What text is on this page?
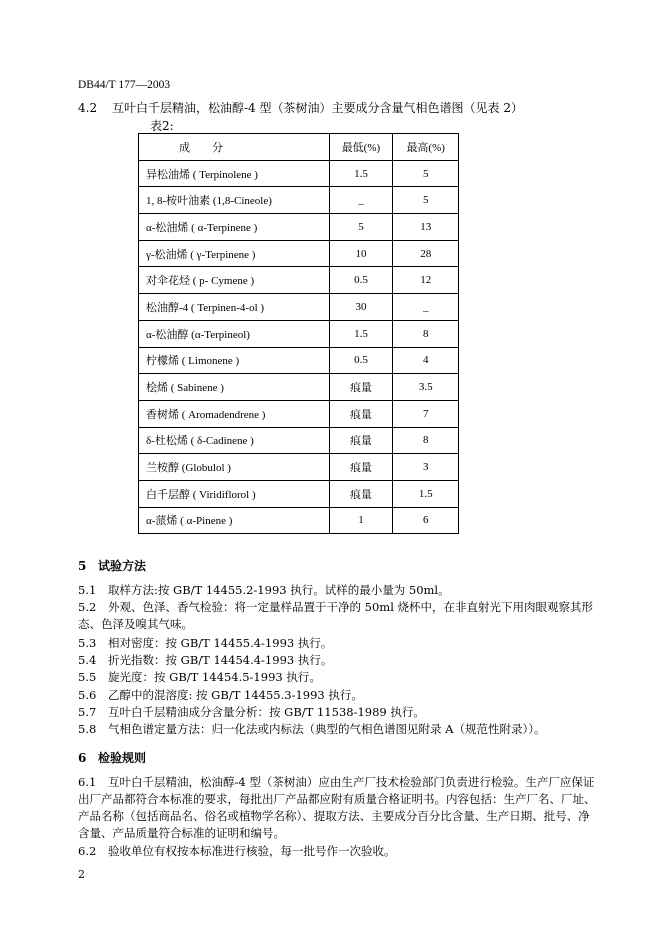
DB44/T 177—2003
4.2 互叶白千层精油，松油醇-4 型（茶树油）主要成分含量气相色谱图（见表 2）
表2:
成　　分	最低(%)	最高(%)
异松油烯 ( Terpinolene )	1.5	5
1, 8-桉叶油素 (1,8-Cineole)	_	5
α-松油烯 ( α-Terpinene )	5	13
γ-松油烯 ( γ-Terpinene )	10	28
对伞花烃 ( p- Cymene )	0.5	12
松油醇-4 ( Terpinen-4-ol )	30	_
α-松油醇 (α-Terpineol)	1.5	8
柠檬烯 ( Limonene )	0.5	4
桧烯 ( Sabinene )	痕量	3.5
香树烯 ( Aromadendrene )	痕量	7
δ-杜松烯 ( δ-Cadinene )	痕量	8
兰桉醇 (Globulol )	痕量	3
白千层醇 ( Viridiflorol )	痕量	1.5
α-蒎烯 ( α-Pinene )	1	6
5 试验方法
5.1 取样方法:按 GB/T 14455.2-1993 执行。试样的最小量为 50ml。
5.2 外观、色泽、香气检验：将一定量样品置于干净的 50ml 烧杯中，在非直射光下用肉眼观察其形态、色泽及嗅其气味。
5.3 相对密度：按 GB/T 14455.4-1993 执行。
5.4 折光指数：按 GB/T 14454.4-1993 执行。
5.5 旋光度：按 GB/T 14454.5-1993 执行。
5.6 乙醇中的混溶度: 按 GB/T 14455.3-1993 执行。
5.7 互叶白千层精油成分含量分析：按 GB/T 11538-1989 执行。
5.8 气相色谱定量方法：归一化法或内标法（典型的气相色谱图见附录 A（规范性附录））。
6 检验规则
6.1 互叶白千层精油，松油醇-4 型（茶树油）应由生产厂技术检验部门负责进行检验。生产厂应保证出厂产品都符合本标准的要求，每批出厂产品都应附有质量合格证明书。内容包括：生产厂名、厂址、产品名称（包括商品名、俗名或植物学名称）、提取方法、主要成分百分比含量、生产日期、批号、净含量、产品质量符合标准的证明和编号。
6.2 验收单位有权按本标准进行核验，每一批号作一次验收。
2
